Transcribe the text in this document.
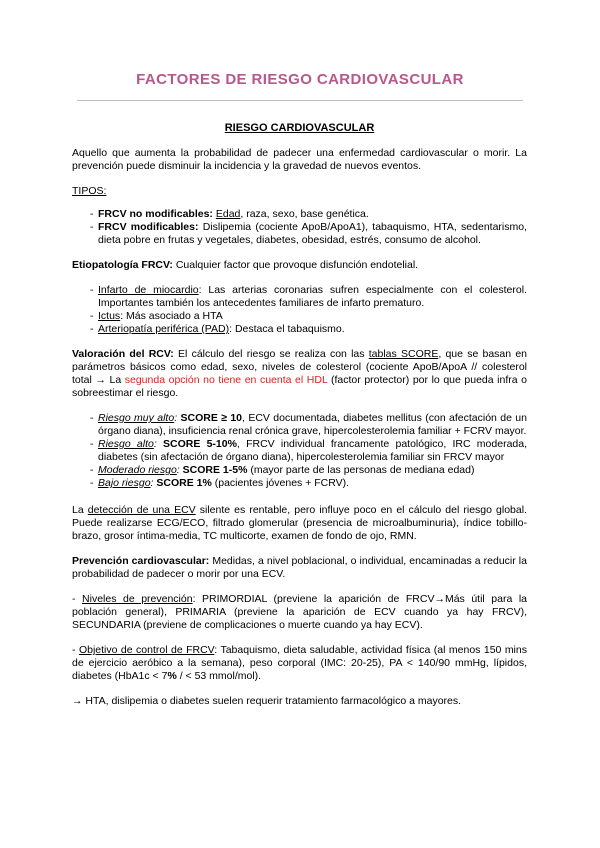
FACTORES DE RIESGO CARDIOVASCULAR

RIESGO CARDIOVASCULAR

Aquello que aumenta la probabilidad de padecer una enfermedad cardiovascular o morir. La prevención puede disminuir la incidencia y la gravedad de nuevos eventos.

TIPOS:

- FRCV no modificables: Edad, raza, sexo, base genética.
- FRCV modificables: Dislipemia (cociente ApoB/ApoA1), tabaquismo, HTA, sedentarismo, dieta pobre en frutas y vegetales, diabetes, obesidad, estrés, consumo de alcohol.

Etiopatología FRCV: Cualquier factor que provoque disfunción endotelial.

- Infarto de miocardio: Las arterias coronarias sufren especialmente con el colesterol. Importantes también los antecedentes familiares de infarto prematuro.
- Ictus: Más asociado a HTA
- Arteriopatía periférica (PAD): Destaca el tabaquismo.

Valoración del RCV: El cálculo del riesgo se realiza con las tablas SCORE, que se basan en parámetros básicos como edad, sexo, niveles de colesterol (cociente ApoB/ApoA // colesterol total → La segunda opción no tiene en cuenta el HDL (factor protector) por lo que pueda infra o sobreestimar el riesgo.

- Riesgo muy alto: SCORE ≥ 10, ECV documentada, diabetes mellitus (con afectación de un órgano diana), insuficiencia renal crónica grave, hipercolesterolemia familiar + FCRV mayor.
- Riesgo alto: SCORE 5-10%, FRCV individual francamente patológico, IRC moderada, diabetes (sin afectación de órgano diana), hipercolesterolemia familiar sin FRCV mayor
- Moderado riesgo: SCORE 1-5% (mayor parte de las personas de mediana edad)
- Bajo riesgo: SCORE 1% (pacientes jóvenes + FCRV).

La detección de una ECV silente es rentable, pero influye poco en el cálculo del riesgo global. Puede realizarse ECG/ECO, filtrado glomerular (presencia de microalbuminuria), índice tobillo-brazo, grosor íntima-media, TC multicorte, examen de fondo de ojo, RMN.

Prevención cardiovascular: Medidas, a nivel poblacional, o individual, encaminadas a reducir la probabilidad de padecer o morir por una ECV.

- Niveles de prevención: PRIMORDIAL (previene la aparición de FRCV→Más útil para la población general), PRIMARIA (previene la aparición de ECV cuando ya hay FRCV), SECUNDARIA (previene de complicaciones o muerte cuando ya hay ECV).

- Objetivo de control de FRCV: Tabaquismo, dieta saludable, actividad física (al menos 150 mins de ejercicio aeróbico a la semana), peso corporal (IMC: 20-25), PA < 140/90 mmHg, lípidos, diabetes (HbA1c < 7% / < 53 mmol/mol).

→ HTA, dislipemia o diabetes suelen requerir tratamiento farmacológico a mayores.
